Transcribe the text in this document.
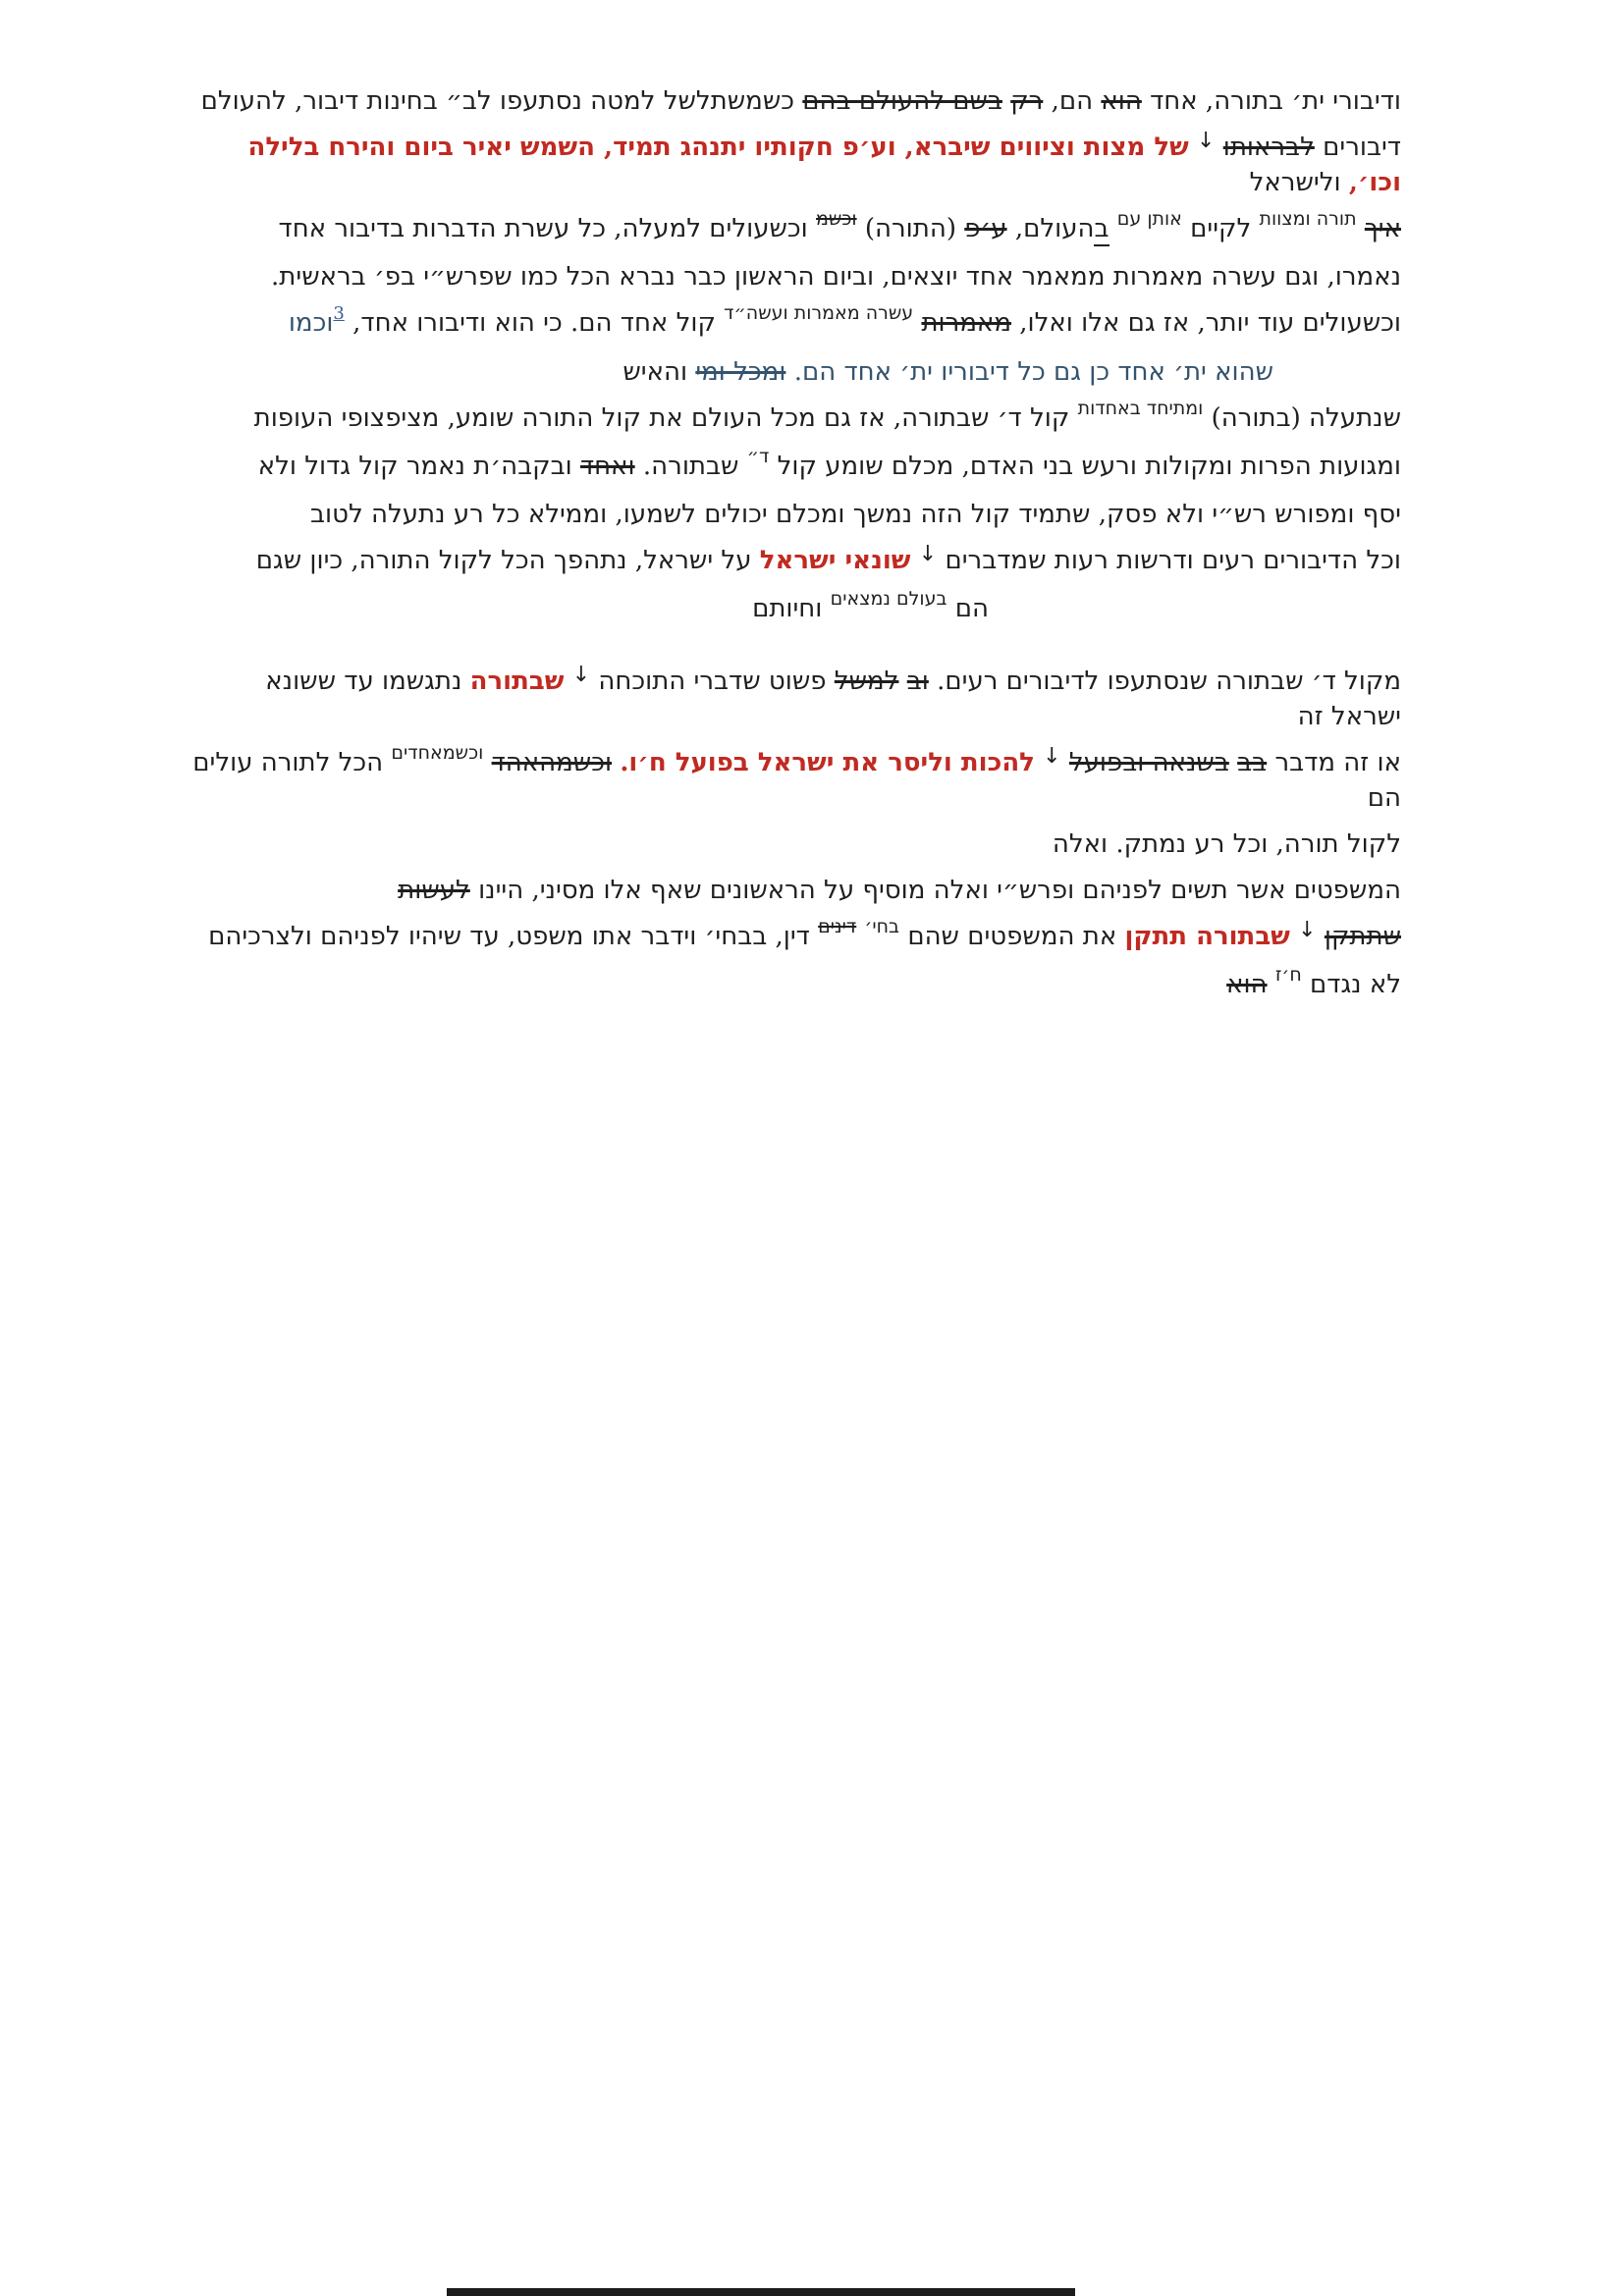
ודיבורי ית׳ בתורה, אחד הוא הם, רק בשם להעולם בהם כשמשתלשל למטה נסתעפו לב״ בחינות דיבור, להעולם
דיבורים לבראותו ↓ של מצות וציווים שיברא, וע׳פ חקותיו יתנהג תמיד, השמש יאיר ביום והירח בלילה וכו׳, ולישראל
איך $^{תורה ומצוות}$ לקיים $^{אותן עם}$ בהעולם, ע׳פ (התורה) $^{וכשמ}$ וכשעולים למעלה, כל עשרת הדברות בדיבור אחד
נאמרו, וגם עשרה מאמרות ממאמר אחד יוצאים, וביום הראשון כבר נברא הכל כמו שפרש״י בפ׳ בראשית.
וכשעולים עוד יותר, אז גם אלו ואלו, מאמרות $^{עשרה מאמרות ועשה״ד}$ קול אחד הם. כי הוא ודיבורו אחד, $^3$וכמו
שהוא ית׳ אחד כן גם כל דיבוריו ית׳ אחד הם. ומכל ומי והאיש
שנתעלה (בתורה) $^{ומתיחד באחדות}$ קול ד׳ שבתורה, אז גם מכל העולם את קול התורה שומע, מציפצופי העופות
ומגועות הפרות ומקולות ורעש בני האדם, מכלם שומע קול $^{ד״}$ שבתורה. ואחד ובקבה׳ת נאמר קול גדול ולא
יסף ומפורש רש״י ולא פסק, שתמיד קול הזה נמשך ומכלם יכולים לשמעו, וממילא כל רע נתעלה לטוב
וכל הדיבורים רעים ודרשות רעות שמדברים ↓ שונאי ישראל על ישראל, נתהפך הכל לקול התורה, כיון שגם
הם $^{בעולם נמצאים}$ וחיותם
מקול ד׳ שבתורה שנסתעפו לדיבורים רעים. וב למשל פשוט שדברי התוכחה ↓ שבתורה נתגשמו עד ששונא ישראל זה
או זה מדבר בב בשנאה ובפועל ↓ להכות וליסר את ישראל בפועל ח׳ו. וכשמהאהד $^{וכשמאחדים}$ הכל לתורה עולים הם
לקול תורה, וכל רע נמתק. ואלה
המשפטים אשר תשים לפניהם ופרש״י ואלה מוסיף על הראשונים שאף אלו מסיני, היינו לעשות
שתתקן ↓ שבתורה תתקן את המשפטים שהם $^{בחי׳}$ $^{דינים}$ דין, בבחי׳ וידבר אתו משפט, עד שיהיו לפניהם ולצרכיהם
לא נגדם $^{ח׳ז}$ הוא
